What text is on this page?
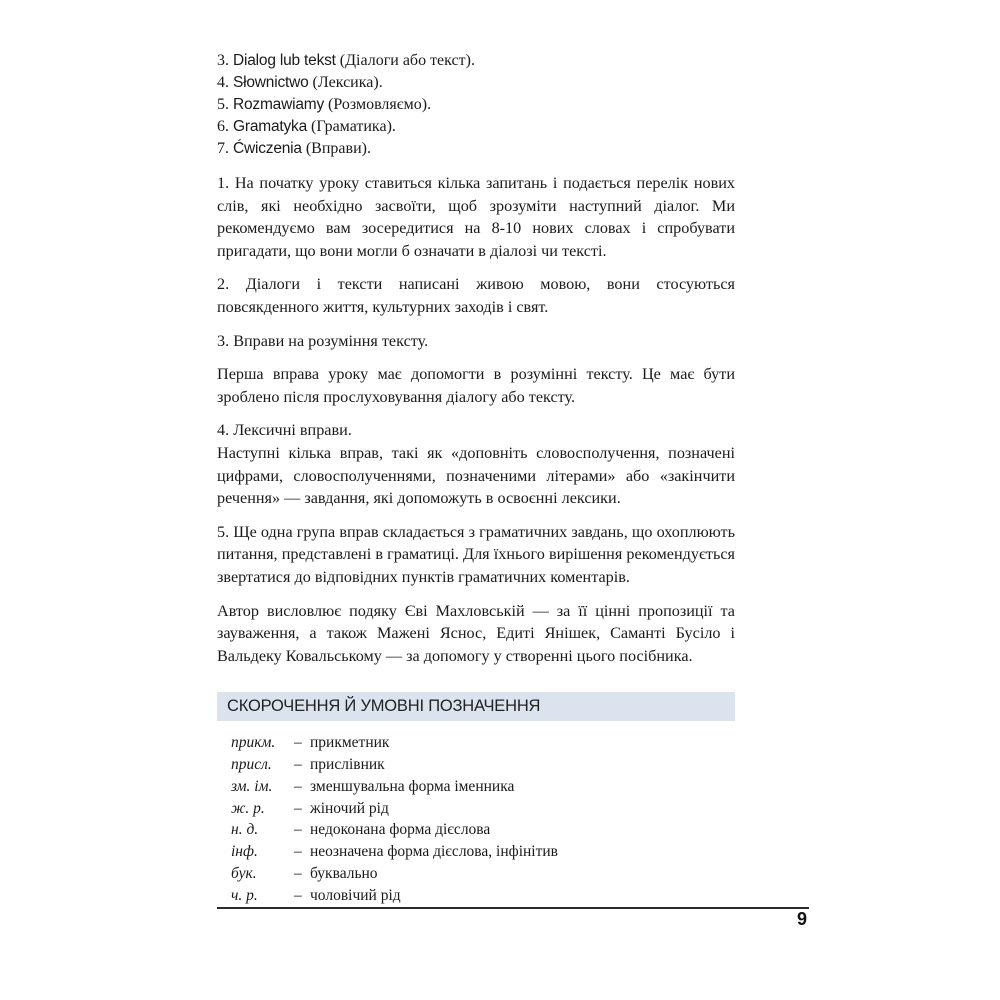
3. Dialog lub tekst (Діалоги або текст).
4. Słownictwo (Лексика).
5. Rozmawiamy (Розмовляємо).
6. Gramatyka (Граматика).
7. Ćwiczenia (Вправи).

1. На початку уроку ставиться кілька запитань і подається перелік нових слів, які необхідно засвоїти, щоб зрозуміти наступний діалог. Ми рекомендуємо вам зосередитися на 8-10 нових словах і спробувати пригадати, що вони могли б означати в діалозі чи тексті.

2. Діалоги і тексти написані живою мовою, вони стосуються повсякденного життя, культурних заходів і свят.

3. Вправи на розуміння тексту.

Перша вправа уроку має допомогти в розумінні тексту. Це має бути зроблено після прослуховування діалогу або тексту.

4. Лексичні вправи.

Наступні кілька вправ, такі як «доповніть словосполучення, позначені цифрами, словосполученнями, позначеними літерами» або «закінчити речення» — завдання, які допоможуть в освоєнні лексики.

5. Ще одна група вправ складається з граматичних завдань, що охоплюють питання, представлені в граматиці. Для їхнього вирішення рекомендується звертатися до відповідних пунктів граматичних коментарів.

Автор висловлює подяку Єві Махловській — за її цінні пропозиції та зауваження, а також Мажені Яснос, Едиті Янішек, Саманті Бусіло і Вальдеку Ковальському — за допомогу у створенні цього посібника.

СКОРОЧЕННЯ Й УМОВНІ ПОЗНАЧЕННЯ
прикм.	– прикметник
присл.	– прислівник
зм. ім.	– зменшувальна форма іменника
ж. р.	– жіночий рід
н. д.	– недоконана форма дієслова
інф.	– неозначена форма дієслова, інфінітив
бук.	– буквально
ч. р.	– чоловічий рід
9
